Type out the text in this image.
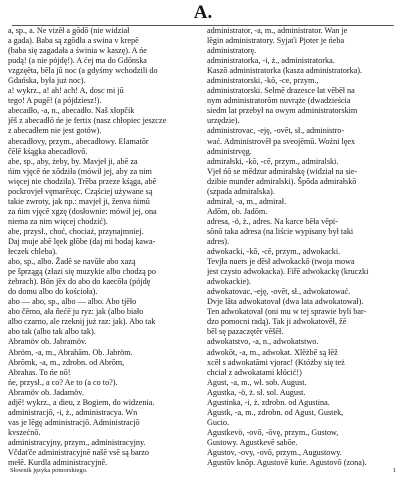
A.
a, sp., a. Ne vizēł a gōdō (nie widział
a gada). Baba są zgōdła a swina v krepē
(baba się zagadała a świnia w kaszę). A ńe
pudą! (a nie pójdę!). A ćej ma do Gdōnska
vzgzęēta, bēla jū noc (a gdyśmy wchodzili do
Gdańska, była już noc).
a! wykrz., a! ah! ach! A, dosc mi jū
tego! A pugē! (a pójdziesz!).
abecadło, -a, n., abecadło. Naš xłopčik
jēš z abecadłō ńe je fertix (nasz chłopiec jeszcze
z abecadłem nie jest gotów).
abecadłovy, przym., abecadłowy. Elamatōr
čēlē kśągka abecadłovō.
abe, sp., aby, żeby, by. Mavjeł ji, abē za
ńim vjęcē ńe xōdziła (mówił jej, aby za nim
więcej nie chodziła). Trēba przeze kśąga, abē
pockrovjeł vęmarēxęc. Cząściej używane są
takie zwroty, jak np.: mavjeł ji, ženva ńimū
za ńim vjęcē xgzę (dosłownie: mówił jej, ona
niema za nim więcej chodzić).
abe, przysł., choć, chociaż, przynajmniej.
Daj muje abē lęek głōbe (daj mi bodaj kawa-
łeczek chleba).
abo, sp., albo. Žadē se navūłe abo xazą
pe šprzągą (złazi się muzykie albo chodzą po
żebrach). Bōn jēx do abo do kaecōła (pójdę
do domu albo do kościoła).
abo — abo, sp., albo — albo. Abo tjēło
abo čērno, ała ňećē ju ryz: jak (albo biało
albo czarno, ale rzeknij już raz: jak). Abo tak
abo tak (albo tak albo tak).
Abramöv ob. Jabramöv.
Abröm, -a, m., Abrahām. Ob. Jabröm.
Abrōmk, -a, m., zdrobn. od Abrōm,
Abrahas. To ńe nō!
ńe, przysł., a co? Ae to (a co to?).
Abramöv ob. Jadamöv.
adjē! wykrz., a dieu, z Bogiem, do widzenia.
administracjō, -i, ż., administracya. Wn
vas je lēgę administracjō. Administracjō
kvszećnō.
administracyjny, przym., administracyjny.
Včdaťče administracyjnē našē vsē są barzo
mełē. Kurdla administracyjnē.
administrator, -a, m., administrator. Wan je
lēgin administratory. Syjaťi Pjoter je ńeba
administratorę.
administratorka, -i, ż., administratorka.
Kaszō administratorka (kasza administratorka).
administratorski, -kō, -ce, przym.,
administratorski. Selmē drazesce łat vēbēł na
nym administratorōm nuvrąże (dwadzieścia
siedm lat przebył na owym administratorskim
urzędzie).
administrovac, -eję, -ovēt, sł., administro-
wać. Administrovēł pa sveojēmū. Woźni lęex
administrvęg.
admirałski, -kō, -cē, przym., admiralski.
Vjeł ńō se mēdzur admirałskę (widział na sie-
dzibie munder admiralski). Špōda admirałskō
(szpada admiralska).
admirał, -a, m., admirał.
Adōm, ob. Jadōm.
adresa, -ö, ż., adres. Na karce bēła vēpi-
sōnō taka adresa (na liście wypisany był taki
adres).
adwokacki, -kō, -cē, przym., adwokacki.
Tevjła nuers je dēsł adwokackō (twoja mowa
jest czysto adwokacka). Fiřē adwokackę (kruczki
adwokackie).
adwokatovac, -eję, -ovēt, sł., adwokatować.
Dvje lāta adwokatovał (dwa lata adwokatował).
Ten adwokatovał (oni mu w tej sprawie byli bar-
dzo pomocni radą). Tak ji adwokatovēł, žē
bēl sę pazaczętēr vēšēł.
adwokatstvo, -a, n., adwokatstwo.
adwokōt, -a, m., adwokat. Xlēżbē są łēž
xcēł s adwokatāmi vjorac! (Któżby się też
chciał z adwokatami kłócić!)
Agust, -a, m., wł. sob. August.
Agustka, -ö, ż. sł. sol. August.
Agustinka, -i, ż. zdrobn. od Agustina.
Agustk, -a, m., zdrobn. od Agust, Gustek,
Gucio.
Agustkevö, -ovō, -ōvę, przym., Gustow,
Gustowy. Agustkevē sabōe.
Agustov, -ovy, -ovō, przym., Augustowy.
Agustōv knōp. Agustovē kuńe. Agustovō (zona).
Słownik języka pomorskiego.	1
